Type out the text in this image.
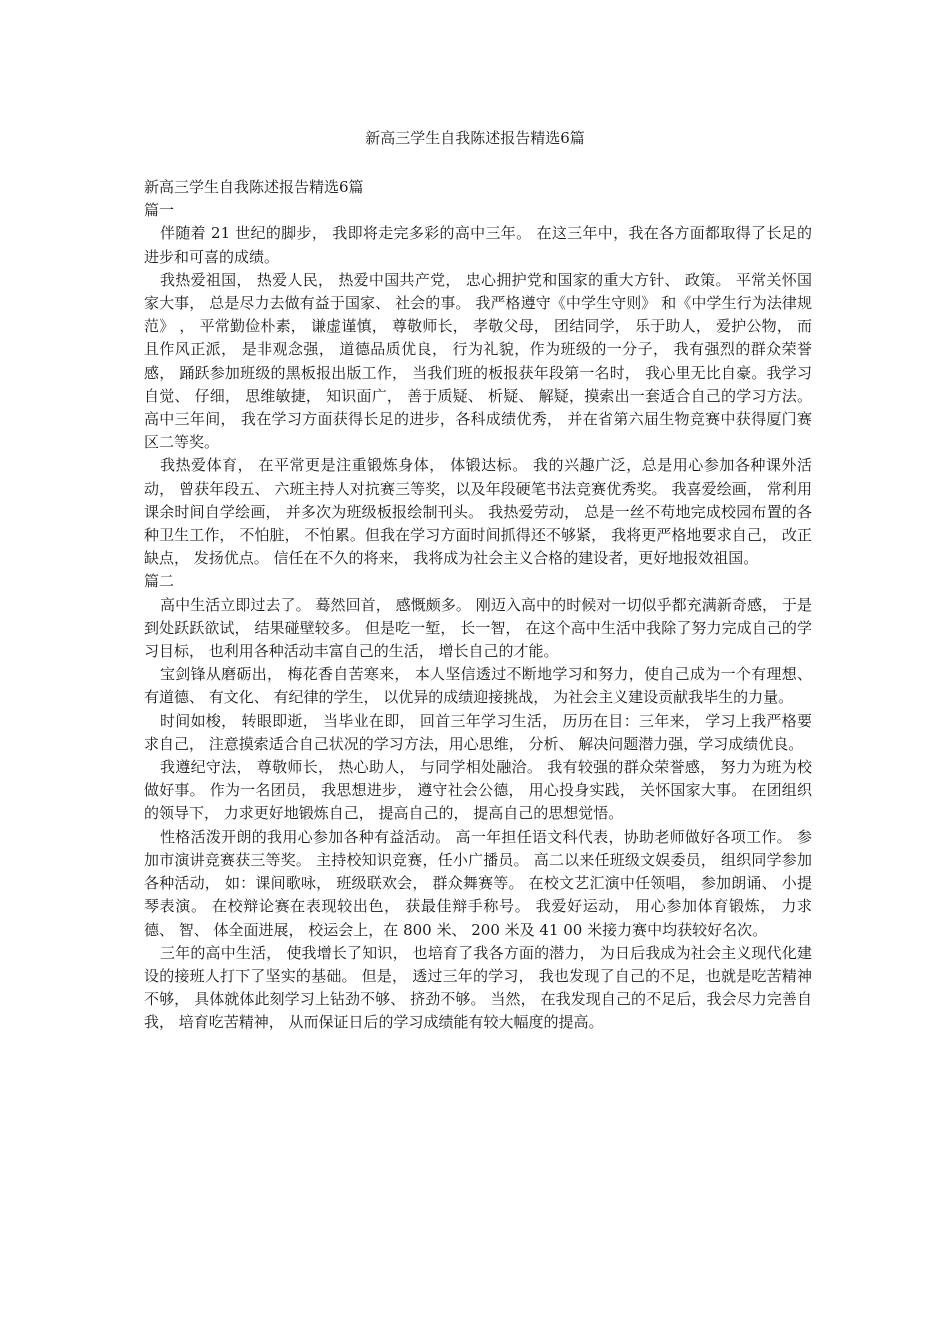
新高三学生自我陈述报告精选6篇

新高三学生自我陈述报告精选6篇

篇一

伴随着 21 世纪的脚步， 我即将走完多彩的高中三年。 在这三年中，我在各方面都取得了长足的进步和可喜的成绩。

我热爱祖国， 热爱人民， 热爱中国共产党， 忠心拥护党和国家的重大方针、 政策。 平常关怀国家大事， 总是尽力去做有益于国家、 社会的事。 我严格遵守《中学生守则》 和《中学生行为法律规范》 ， 平常勤俭朴素， 谦虚谨慎， 尊敬师长， 孝敬父母， 团结同学， 乐于助人， 爱护公物， 而且作风正派， 是非观念强， 道德品质优良， 行为礼貌，作为班级的一分子， 我有强烈的群众荣誉感， 踊跃参加班级的黑板报出版工作， 当我们班的板报获年段第一名时， 我心里无比自豪。我学习自觉、 仔细， 思维敏捷， 知识面广， 善于质疑、 析疑、 解疑，摸索出一套适合自己的学习方法。 高中三年间， 我在学习方面获得长足的进步，各科成绩优秀， 并在省第六届生物竞赛中获得厦门赛区二等奖。

我热爱体育， 在平常更是注重锻炼身体， 体锻达标。 我的兴趣广泛，总是用心参加各种课外活动， 曾获年段五、 六班主持人对抗赛三等奖，以及年段硬笔书法竞赛优秀奖。 我喜爱绘画， 常利用课余时间自学绘画， 并多次为班级板报绘制刊头。 我热爱劳动， 总是一丝不苟地完成校园布置的各种卫生工作， 不怕脏， 不怕累。但我在学习方面时间抓得还不够紧， 我将更严格地要求自己， 改正缺点， 发扬优点。 信任在不久的将来， 我将成为社会主义合格的建设者，更好地报效祖国。

篇二

高中生活立即过去了。 蓦然回首， 感慨颇多。 刚迈入高中的时候对一切似乎都充满新奇感， 于是到处跃跃欲试， 结果碰壁较多。 但是吃一堑， 长一智， 在这个高中生活中我除了努力完成自己的学习目标， 也利用各种活动丰富自己的生活， 增长自己的才能。

宝剑锋从磨砺出， 梅花香自苦寒来， 本人坚信透过不断地学习和努力，使自己成为一个有理想、 有道德、 有文化、 有纪律的学生， 以优异的成绩迎接挑战， 为社会主义建设贡献我毕生的力量。

时间如梭， 转眼即逝， 当毕业在即， 回首三年学习生活， 历历在目：三年来， 学习上我严格要求自己， 注意摸索适合自己状况的学习方法，用心思维， 分析、 解决问题潜力强，学习成绩优良。

我遵纪守法， 尊敬师长， 热心助人， 与同学相处融洽。 我有较强的群众荣誉感， 努力为班为校做好事。 作为一名团员， 我思想进步， 遵守社会公德， 用心投身实践， 关怀国家大事。 在团组织的领导下， 力求更好地锻炼自己， 提高自己的， 提高自己的思想觉悟。

性格活泼开朗的我用心参加各种有益活动。 高一年担任语文科代表，协助老师做好各项工作。 参加市演讲竞赛获三等奖。 主持校知识竞赛，任小广播员。 高二以来任班级文娱委员， 组织同学参加各种活动， 如：课间歌咏， 班级联欢会， 群众舞赛等。 在校文艺汇演中任领唱， 参加朗诵、 小提琴表演。 在校辩论赛在表现较出色， 获最佳辩手称号。 我爱好运动， 用心参加体育锻炼， 力求德、 智、 体全面进展， 校运会上，在 800 米、 200 米及 41 00 米接力赛中均获较好名次。

三年的高中生活， 使我增长了知识， 也培育了我各方面的潜力， 为日后我成为社会主义现代化建设的接班人打下了坚实的基础。 但是， 透过三年的学习， 我也发现了自己的不足，也就是吃苦精神不够， 具体就体此刻学习上钻劲不够、 挤劲不够。 当然， 在我发现自己的不足后，我会尽力完善自我， 培育吃苦精神， 从而保证日后的学习成绩能有较大幅度的提高。
